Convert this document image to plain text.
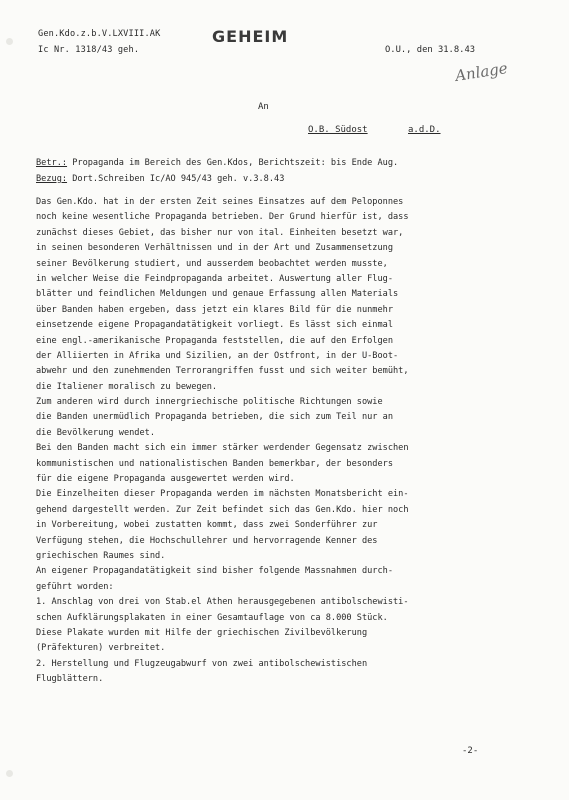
Gen.Kdo.z.b.V.LXVIII.AK
Ic Nr. 1318/43 geh.
GEHEIM
O.U., den 31.8.43
Anlage
An
O.B. Südost	a.d.D.
Betr.: Propaganda im Bereich des Gen.Kdos, Berichtszeit: bis Ende Aug.
Bezug: Dort.Schreiben Ic/AO 945/43 geh. v.3.8.43
Das Gen.Kdo. hat in der ersten Zeit seines Einsatzes auf dem Peloponnes
noch keine wesentliche Propaganda betrieben. Der Grund hierfür ist, dass
zunächst dieses Gebiet, das bisher nur von ital. Einheiten besetzt war,
in seinen besonderen Verhältnissen und in der Art und Zusammensetzung
seiner Bevölkerung studiert, und ausserdem beobachtet werden musste,
in welcher Weise die Feindpropaganda arbeitet. Auswertung aller Flug-
blätter und feindlichen Meldungen und genaue Erfassung allen Materials
über Banden haben ergeben, dass jetzt ein klares Bild für die nunmehr
einsetzende eigene Propagandatätigkeit vorliegt. Es lässt sich einmal
eine engl.-amerikanische Propaganda feststellen, die auf den Erfolgen
der Alliierten in Afrika und Sizilien, an der Ostfront, in der U-Boot-
abwehr und den zunehmenden Terrorangriffen fusst und sich weiter bemüht,
die Italiener moralisch zu bewegen.
Zum anderen wird durch innergriechische politische Richtungen sowie
die Banden unermüdlich Propaganda betrieben, die sich zum Teil nur an
die Bevölkerung wendet.
Bei den Banden macht sich ein immer stärker werdender Gegensatz zwischen
kommunistischen und nationalistischen Banden bemerkbar, der besonders
für die eigene Propaganda ausgewertet werden wird.
Die Einzelheiten dieser Propaganda werden im nächsten Monatsbericht ein-
gehend dargestellt werden. Zur Zeit befindet sich das Gen.Kdo. hier noch
in Vorbereitung, wobei zustatten kommt, dass zwei Sonderführer zur
Verfügung stehen, die Hochschullehrer und hervorragende Kenner des
griechischen Raumes sind.
An eigener Propagandatätigkeit sind bisher folgende Massnahmen durch-
geführt worden:
1. Anschlag von drei von Stab.el Athen herausgegebenen antibolschewisti-
schen Aufklärungsplakaten in einer Gesamtauflage von ca 8.000 Stück.
Diese Plakate wurden mit Hilfe der griechischen Zivilbevölkerung
(Präfekturen) verbreitet.
2. Herstellung und Flugzeugabwurf von zwei antibolschewistischen
Flugblättern.
-2-
